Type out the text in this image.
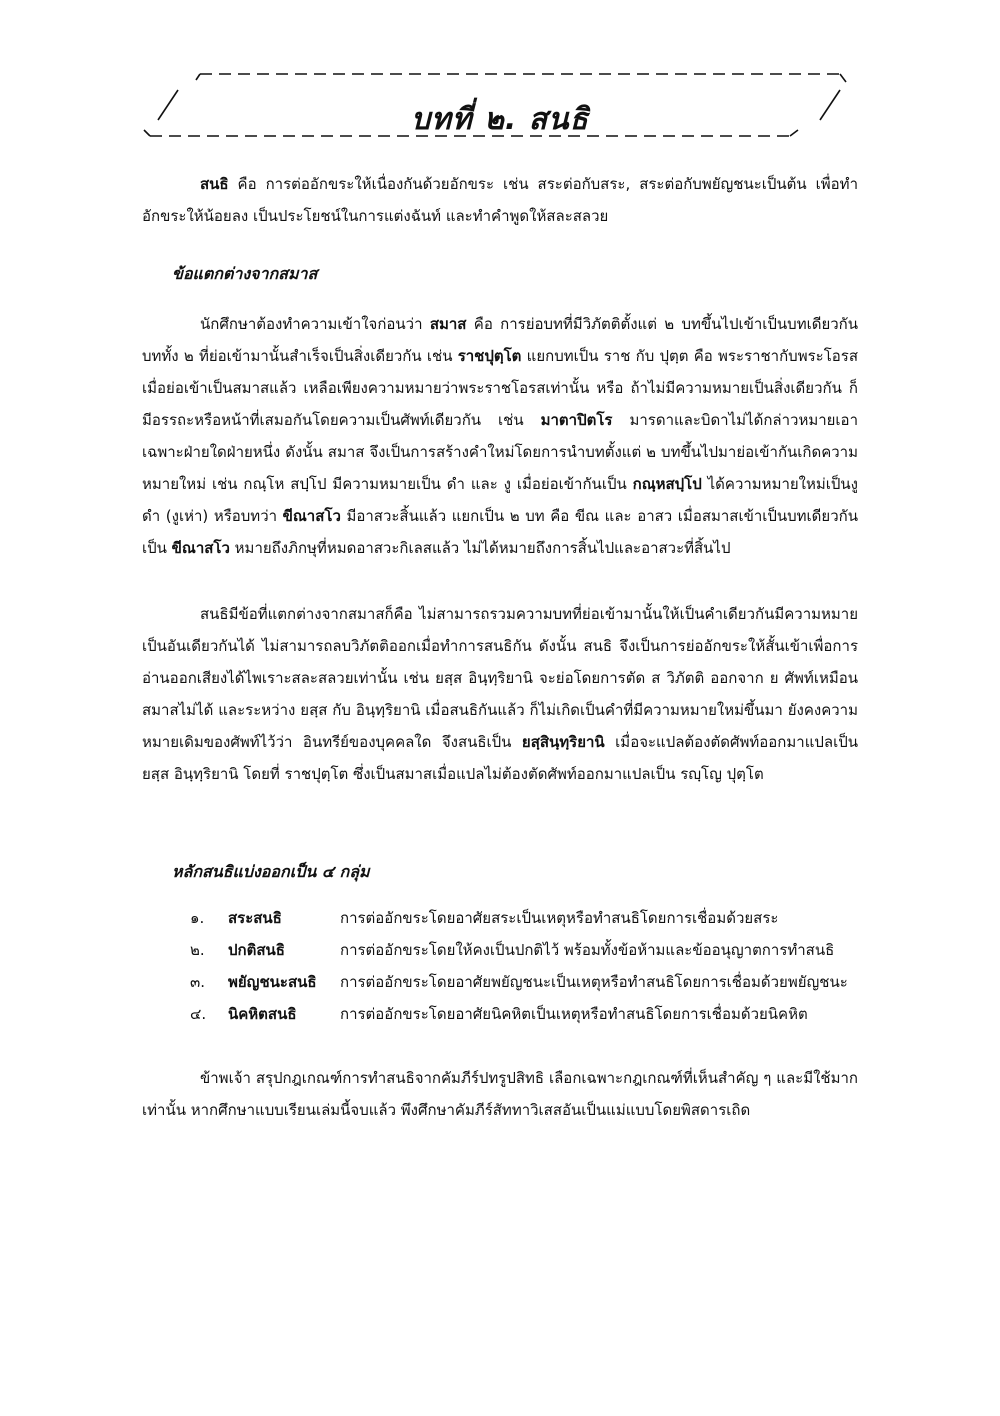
บทที่ ๒. สนธิ

สนธิ คือ การต่ออักขระให้เนื่องกันด้วยอักขระ เช่น สระต่อกับสระ, สระต่อกับพยัญชนะเป็นต้น เพื่อทำอักขระให้น้อยลง เป็นประโยชน์ในการแต่งฉันท์ และทำคำพูดให้สละสลวย

ข้อแตกต่างจากสมาส

นักศึกษาต้องทำความเข้าใจก่อนว่า สมาส คือ การย่อบทที่มีวิภัตติตั้งแต่ ๒ บทขึ้นไปเข้าเป็นบทเดียวกัน บททั้ง ๒ ที่ย่อเข้ามานั้นสำเร็จเป็นสิ่งเดียวกัน เช่น ราชปุตฺโต แยกบทเป็น ราช กับ ปุตฺต คือ พระราชากับพระโอรส เมื่อย่อเข้าเป็นสมาสแล้ว เหลือเพียงความหมายว่าพระราชโอรสเท่านั้น หรือ ถ้าไม่มีความหมายเป็นสิ่งเดียวกัน ก็มีอรรถะหรือหน้าที่เสมอกันโดยความเป็นศัพท์เดียวกัน เช่น มาตาปิตโร มารดาและบิดาไม่ได้กล่าวหมายเอาเฉพาะฝ่ายใดฝ่ายหนึ่ง ดังนั้น สมาส จึงเป็นการสร้างคำใหม่โดยการนำบทตั้งแต่ ๒ บทขึ้นไปมาย่อเข้ากันเกิดความหมายใหม่ เช่น กณฺโห สปฺโป มีความหมายเป็น ดำ และ งู เมื่อย่อเข้ากันเป็น กณฺหสปฺโป ได้ความหมายใหม่เป็นงูดำ (งูเห่า) หรือบทว่า ขีณาสโว มีอาสวะสิ้นแล้ว แยกเป็น ๒ บท คือ ขีณ และ อาสว เมื่อสมาสเข้าเป็นบทเดียวกันเป็น ขีณาสโว หมายถึงภิกษุที่หมดอาสวะกิเลสแล้ว ไม่ได้หมายถึงการสิ้นไปและอาสวะที่สิ้นไป

สนธิมีข้อที่แตกต่างจากสมาสก็คือ ไม่สามารถรวมความบทที่ย่อเข้ามานั้นให้เป็นคำเดียวกันมีความหมายเป็นอันเดียวกันได้ ไม่สามารถลบวิภัตติออกเมื่อทำการสนธิกัน ดังนั้น สนธิ จึงเป็นการย่ออักขระให้สั้นเข้าเพื่อการอ่านออกเสียงได้ไพเราะสละสลวยเท่านั้น เช่น ยสฺส อินฺทฺริยานิ จะย่อโดยการตัด ส วิภัตติ ออกจาก ย ศัพท์เหมือนสมาสไม่ได้ และระหว่าง ยสฺส กับ อินฺทฺริยานิ เมื่อสนธิกันแล้ว ก็ไม่เกิดเป็นคำที่มีความหมายใหม่ขึ้นมา ยังคงความหมายเดิมของศัพท์ไว้ว่า อินทรีย์ของบุคคลใด จึงสนธิเป็น ยสฺสินฺทฺริยานิ เมื่อจะแปลต้องตัดศัพท์ออกมาแปลเป็น ยสฺส อินฺทฺริยานิ โดยที่ ราชปุตฺโต ซึ่งเป็นสมาสเมื่อแปลไม่ต้องตัดศัพท์ออกมาแปลเป็น รญฺโญ ปุตฺโต

หลักสนธิแบ่งออกเป็น ๔ กลุ่ม
๑.	สระสนธิ	การต่ออักขระโดยอาศัยสระเป็นเหตุหรือทำสนธิโดยการเชื่อมด้วยสระ
๒.	ปกติสนธิ	การต่ออักขระโดยให้คงเป็นปกติไว้ พร้อมทั้งข้อห้ามและข้ออนุญาตการทำสนธิ
๓.	พยัญชนะสนธิ	การต่ออักขระโดยอาศัยพยัญชนะเป็นเหตุหรือทำสนธิโดยการเชื่อมด้วยพยัญชนะ
๔.	นิคหิตสนธิ	การต่ออักขระโดยอาศัยนิคหิตเป็นเหตุหรือทำสนธิโดยการเชื่อมด้วยนิคหิต

ข้าพเจ้า สรุปกฎเกณฑ์การทำสนธิจากคัมภีร์ปทรูปสิทธิ เลือกเฉพาะกฎเกณฑ์ที่เห็นสำคัญ ๆ และมีใช้มากเท่านั้น หากศึกษาแบบเรียนเล่มนี้จบแล้ว พึงศึกษาคัมภีร์สัททาวิเสสอันเป็นแม่แบบโดยพิสดารเถิด
